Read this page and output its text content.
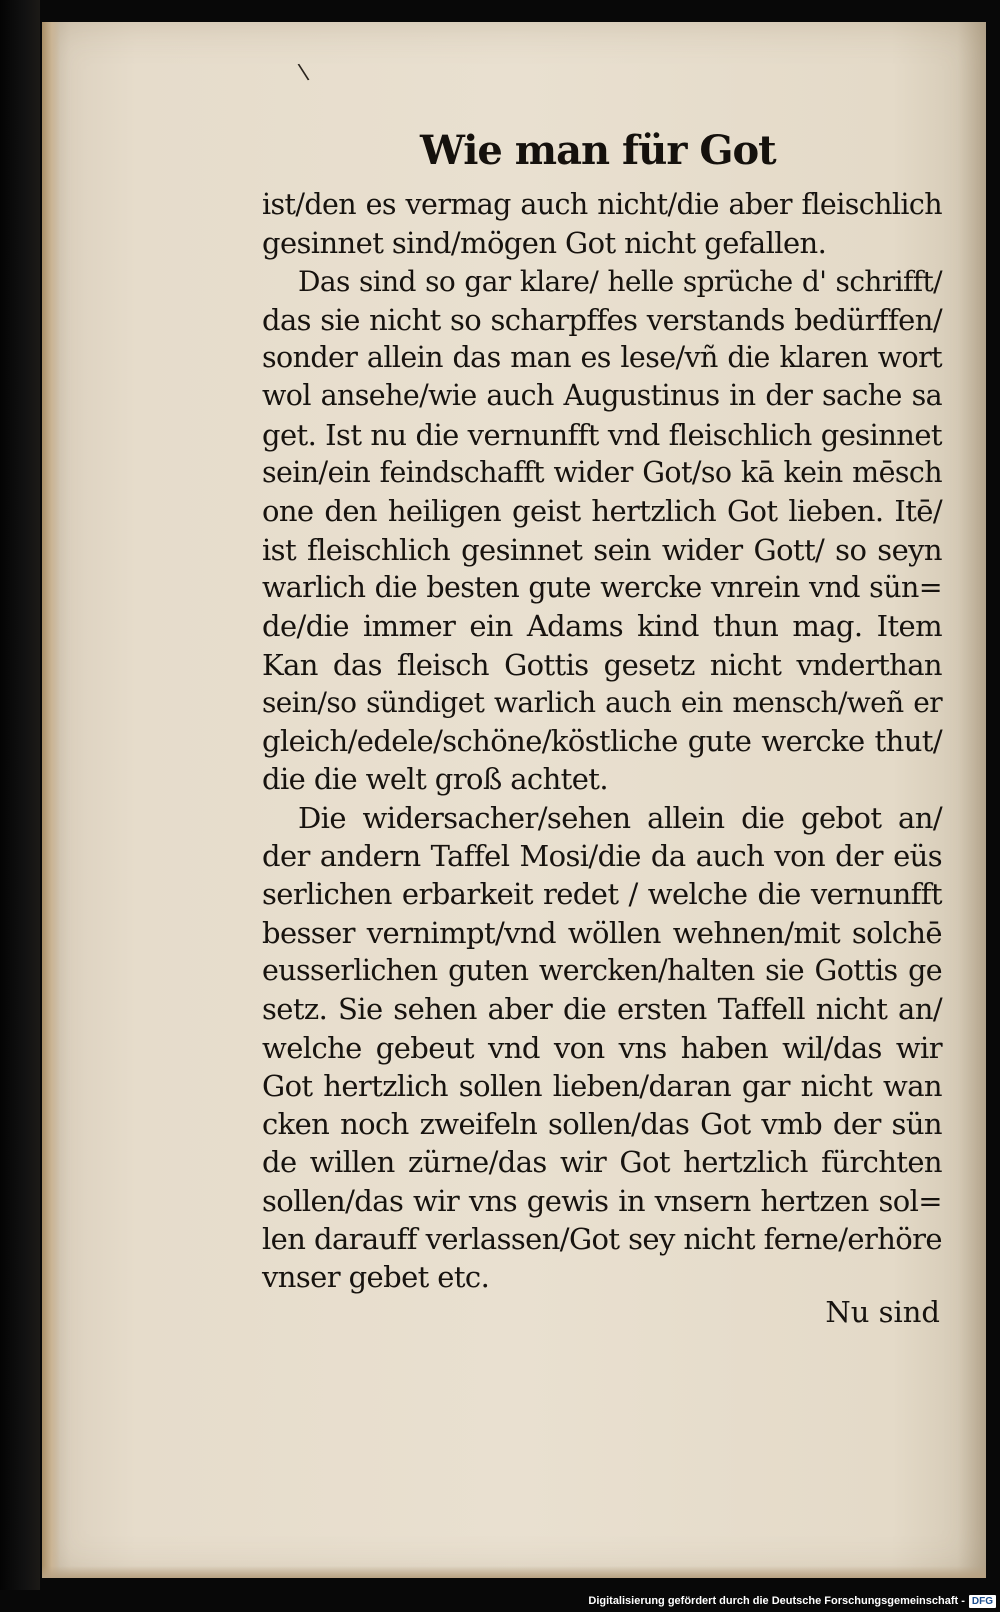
\
Wie man für Got
ist/den es vermag auch nicht/die aber fleischlich
gesinnet sind/mögen Got nicht gefallen.
Das sind so gar klare/ helle sprüche d' schrifft/
das sie nicht so scharpffes verstands bedürffen/
sonder allein das man es lese/vñ die klaren wort
wol ansehe/wie auch Augustinus in der sache sa
get. Ist nu die vernunfft vnd fleischlich gesinnet
sein/ein feindschafft wider Got/so kā kein mēsch
one den heiligen geist hertzlich Got lieben. Itē/
ist fleischlich gesinnet sein wider Gott/ so seyn
warlich die besten gute wercke vnrein vnd sün=
de/die immer ein Adams kind thun mag. Item
Kan das fleisch Gottis gesetz nicht vnderthan
sein/so sündiget warlich auch ein mensch/weñ er
gleich/edele/schöne/köstliche gute wercke thut/
die die welt groß achtet.
Die widersacher/sehen allein die gebot an/
der andern Taffel Mosi/die da auch von der eüs
serlichen erbarkeit redet / welche die vernunfft
besser vernimpt/vnd wöllen wehnen/mit solchē
eusserlichen guten wercken/halten sie Gottis ge
setz. Sie sehen aber die ersten Taffell nicht an/
welche gebeut vnd von vns haben wil/das wir
Got hertzlich sollen lieben/daran gar nicht wan
cken noch zweifeln sollen/das Got vmb der sün
de willen zürne/das wir Got hertzlich fürchten
sollen/das wir vns gewis in vnsern hertzen sol=
len darauff verlassen/Got sey nicht ferne/erhöre
vnser gebet etc.
Nu sind
Digitalisierung gefördert durch die Deutsche Forschungsgemeinschaft - DFG
